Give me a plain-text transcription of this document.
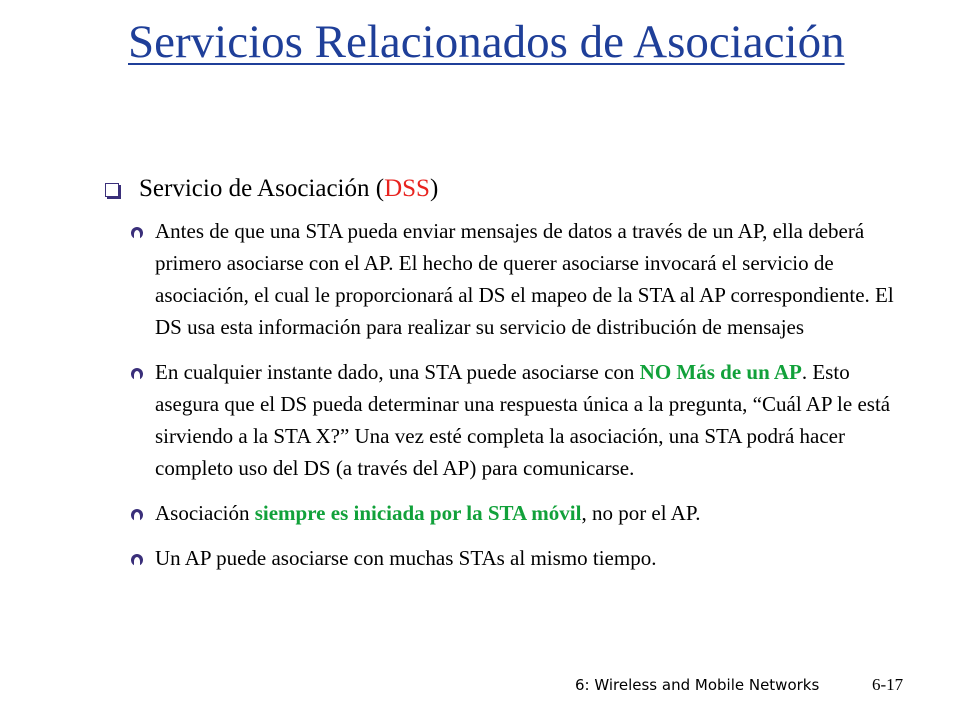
Servicios Relacionados de Asociación
Servicio de Asociación (DSS)
Antes de que una STA pueda enviar mensajes de datos a través de un AP, ella deberá primero asociarse con el AP. El hecho de querer asociarse invocará el servicio de asociación, el cual le proporcionará al DS el mapeo de la STA al AP correspondiente. El DS usa esta información para realizar su servicio de distribución de mensajes
En cualquier instante dado, una STA puede asociarse con NO Más de un AP. Esto asegura que el DS pueda determinar una respuesta única a la pregunta, “Cuál AP le está sirviendo a la STA X?” Una vez esté completa la asociación, una STA podrá hacer completo uso del DS (a través del AP) para comunicarse.
Asociación siempre es iniciada por la STA móvil, no por el AP.
Un AP puede asociarse con muchas STAs al mismo tiempo.
6: Wireless and Mobile Networks	6-17
